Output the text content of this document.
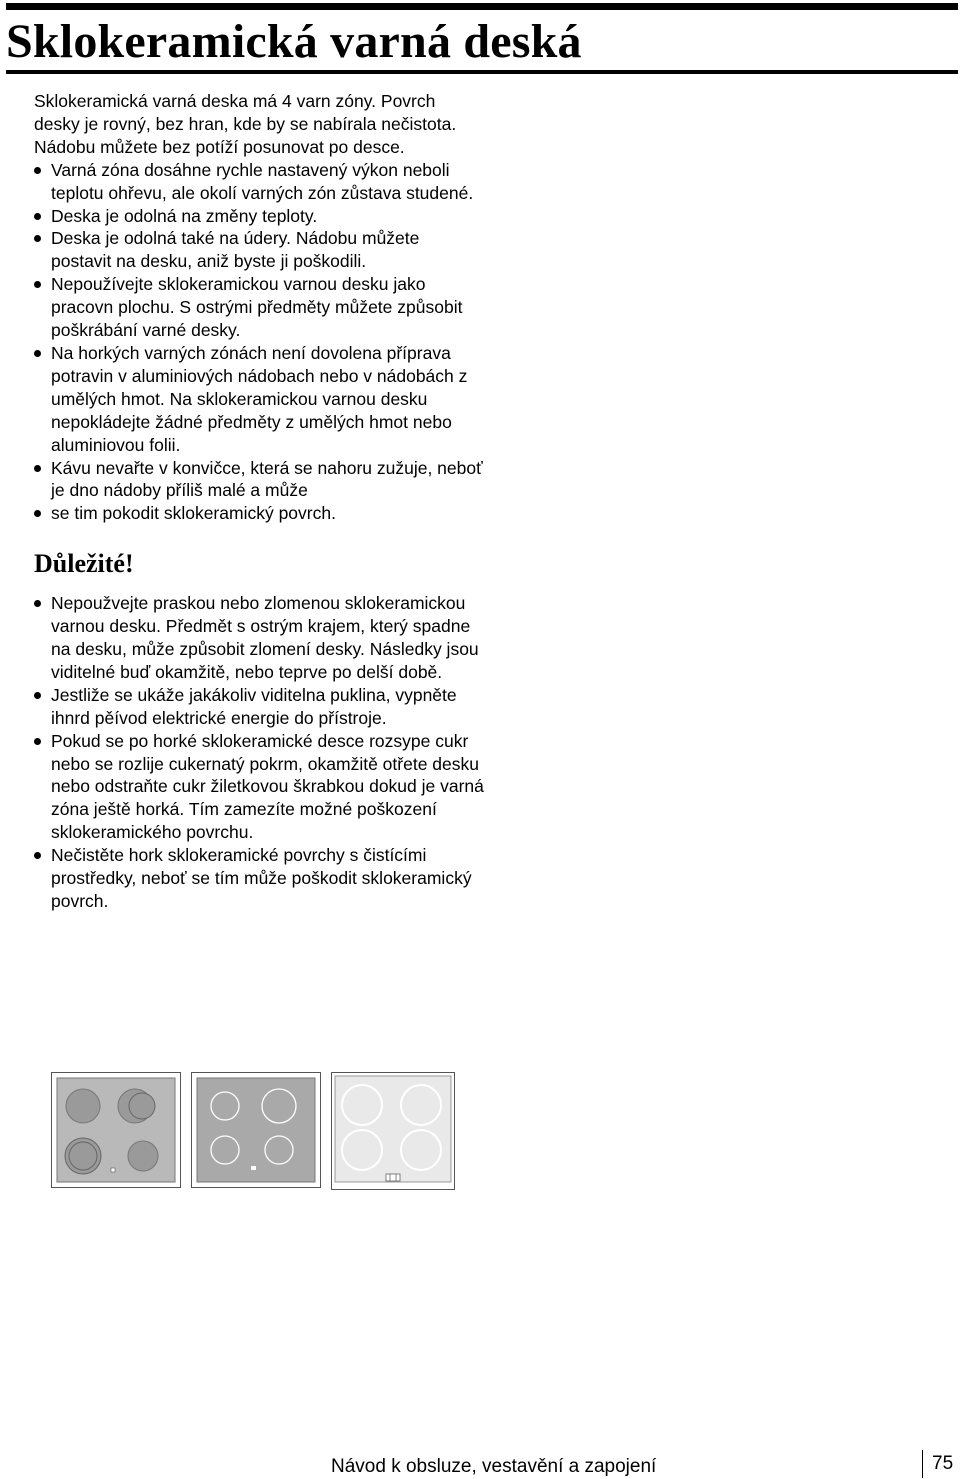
Sklokeramická varná deská

Sklokeramická varná deska má 4 varn zóny. Povrch desky je rovný, bez hran, kde by se nabírala nečistota. Nádobu můžete bez potíží posunovat po desce.

Varná zóna dosáhne rychle nastavený výkon neboli teplotu ohřevu, ale okolí varných zón zůstava studené.
Deska je odolná na změny teploty.
Deska je odolná také na údery. Nádobu můžete postavit na desku, aniž byste ji poškodili.
Nepoužívejte sklokeramickou varnou desku jako pracovn plochu. S ostrými předměty můžete způsobit poškrábání varné desky.
Na horkých varných zónách není dovolena příprava potravin v aluminiových nádobach nebo v nádobách z umělých hmot. Na sklokeramickou varnou desku nepokládejte žádné předměty z umělých hmot nebo aluminiovou folii.
Kávu nevařte v konvičce, která se nahoru zužuje, neboť je dno nádoby příliš malé a může
se tim pokodit sklokeramický povrch.
Důležité!
Nepoužvejte praskou nebo zlomenou sklokeramickou varnou desku. Předmět s ostrým krajem, který spadne na desku, může způsobit zlomení desky. Následky jsou viditelné buď okamžitě, nebo teprve po delší době.
Jestliže se ukáže jakákoliv viditelna puklina, vypněte ihnrd pěívod elektrické energie do přístroje.
Pokud se po horké sklokeramické desce rozsype cukr nebo se rozlije cukernatý pokrm, okamžitě otřete desku nebo odstraňte cukr žiletkovou škrabkou dokud je varná zóna ještě horká. Tím zamezíte možné poškození sklokeramického povrchu.
Nečistěte hork sklokeramické povrchy s čistícími prostředky, neboť se tím může poškodit sklokeramický povrch.
Návod k obsluze, vestavění a zapojení	75
